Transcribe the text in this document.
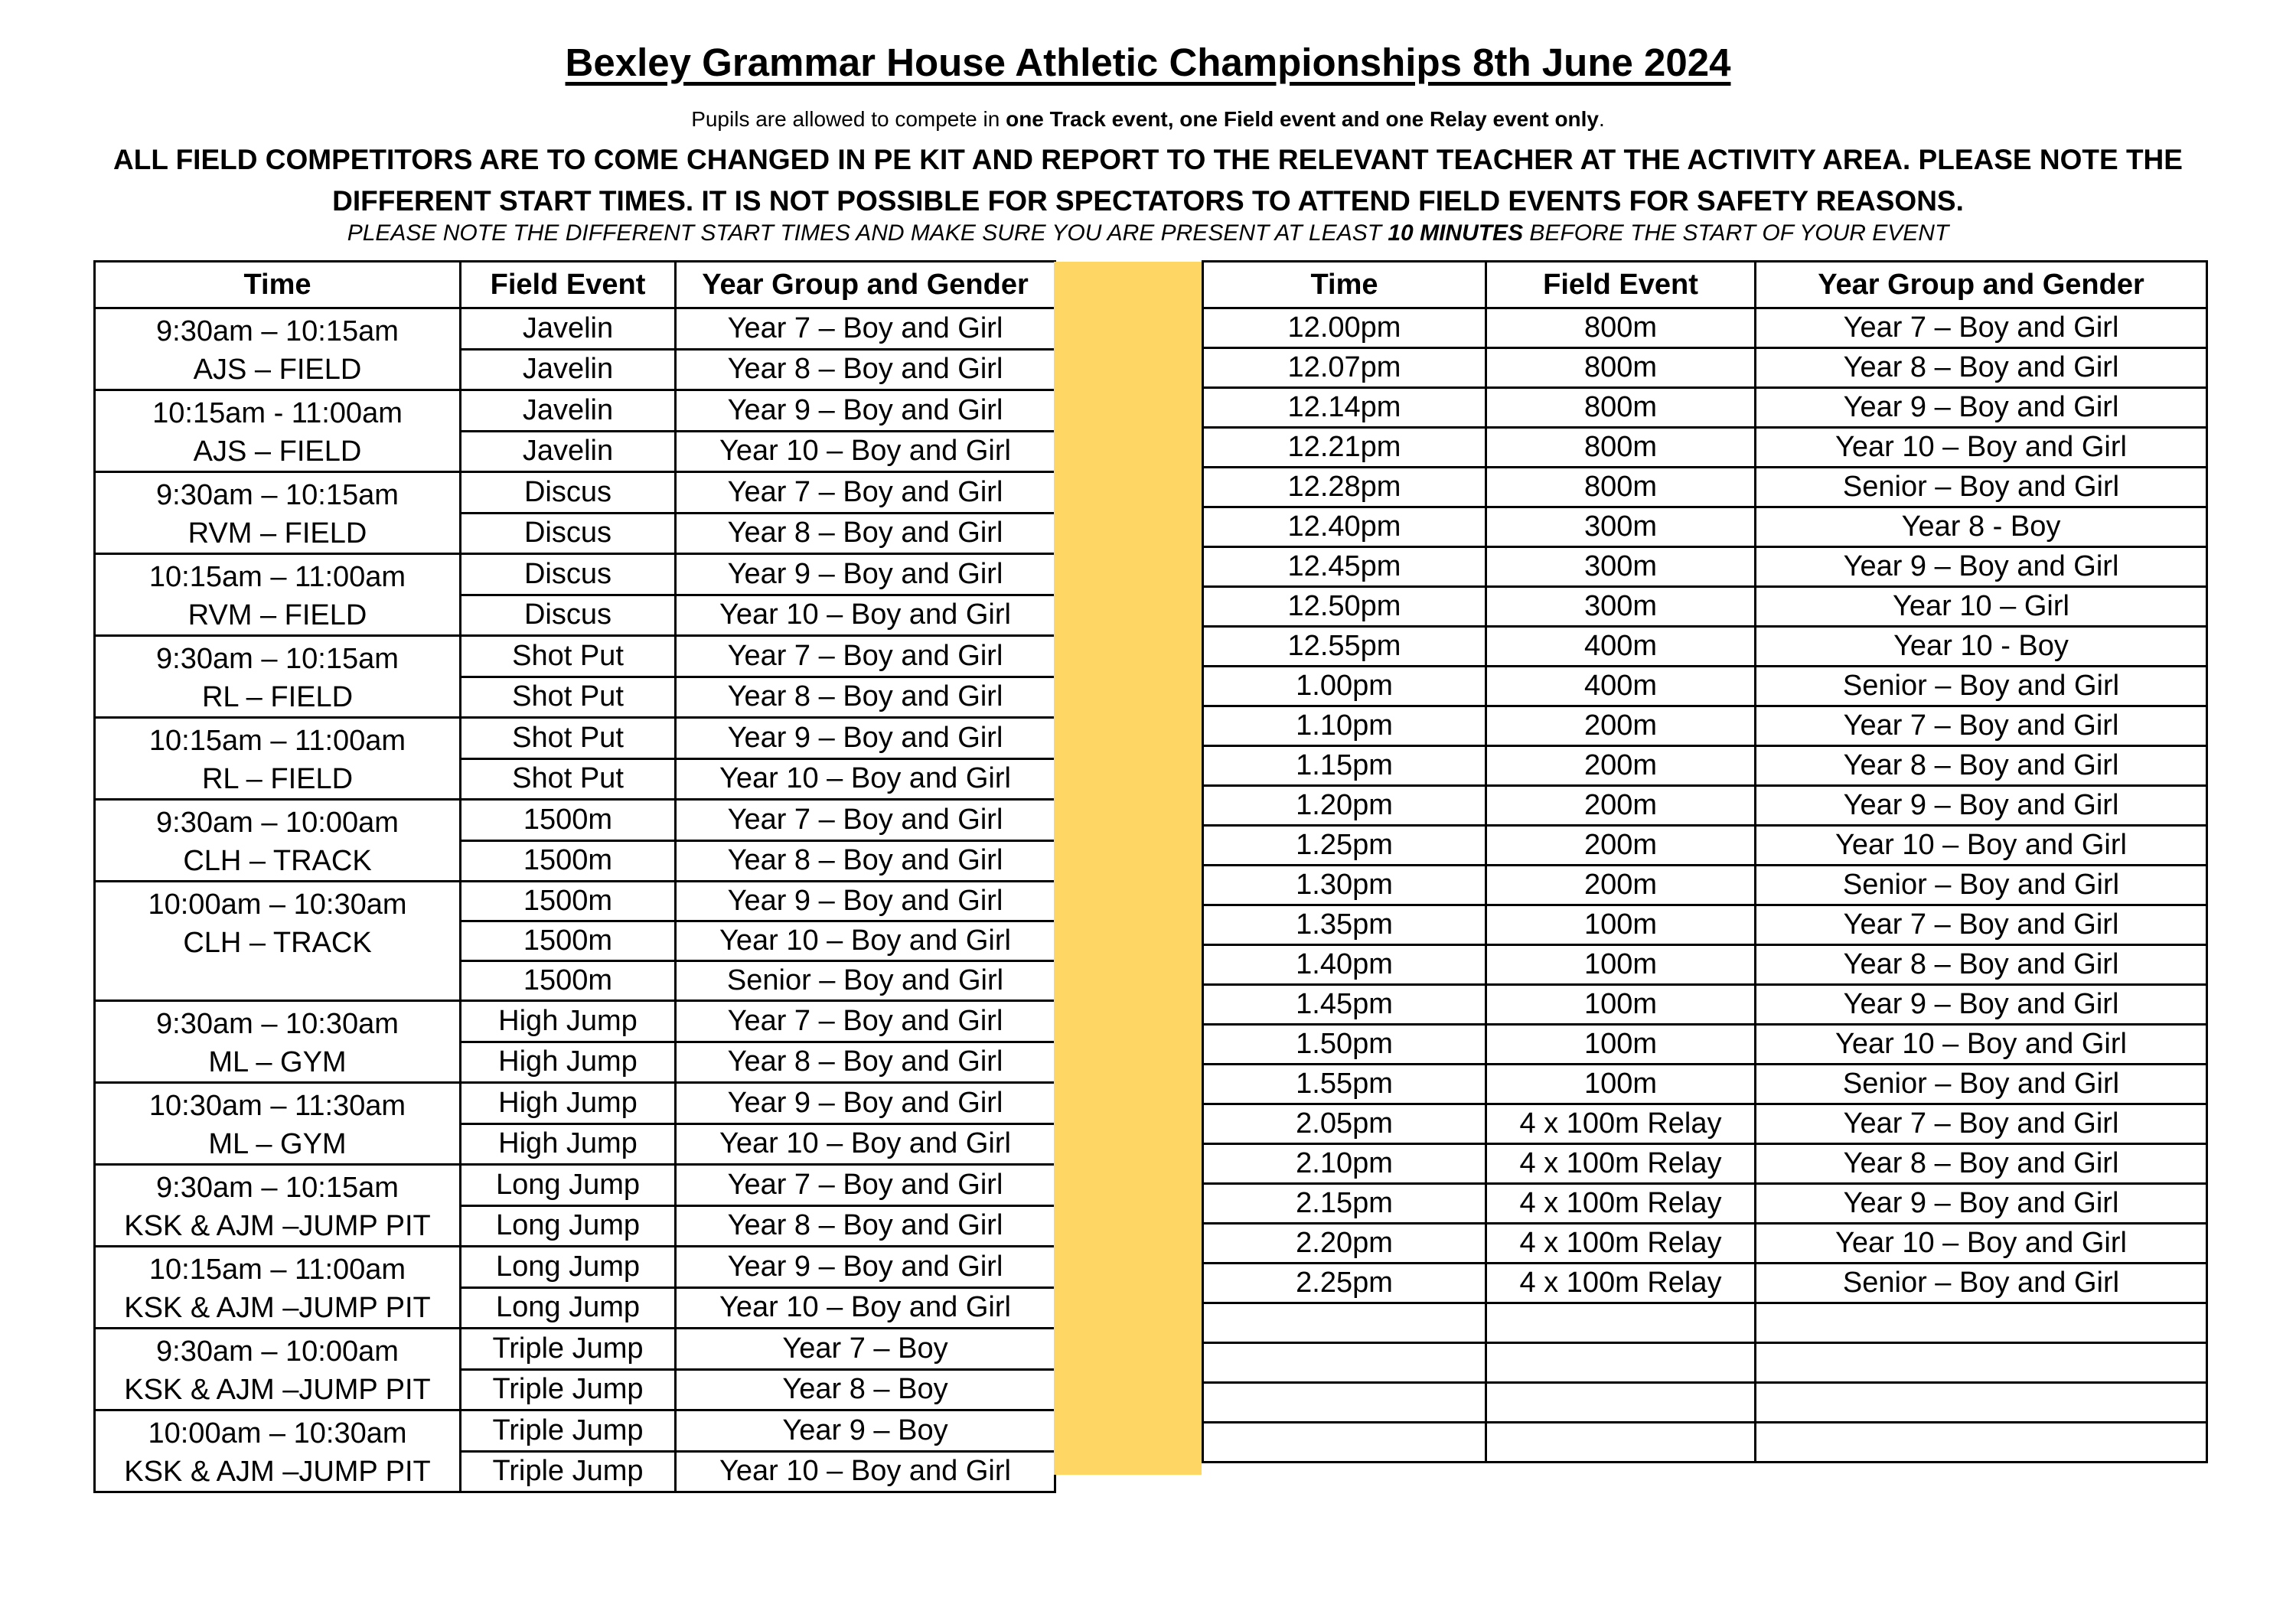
Bexley Grammar House Athletic Championships 8th June 2024
Pupils are allowed to compete in one Track event, one Field event and one Relay event only.
ALL FIELD COMPETITORS ARE TO COME CHANGED IN PE KIT AND REPORT TO THE RELEVANT TEACHER AT THE ACTIVITY AREA. PLEASE NOTE THE DIFFERENT START TIMES. IT IS NOT POSSIBLE FOR SPECTATORS TO ATTEND FIELD EVENTS FOR SAFETY REASONS.
PLEASE NOTE THE DIFFERENT START TIMES AND MAKE SURE YOU ARE PRESENT AT LEAST 10 MINUTES BEFORE THE START OF YOUR EVENT
Time	Field Event	Year Group and Gender

9:30am – 10:15am
AJS – FIELD	Javelin	Year 7 – Boy and Girl
	Javelin	Year 8 – Boy and Girl

10:15am - 11:00am
AJS – FIELD	Javelin	Year 9 – Boy and Girl
	Javelin	Year 10 – Boy and Girl

9:30am – 10:15am
RVM – FIELD	Discus	Year 7 – Boy and Girl
	Discus	Year 8 – Boy and Girl

10:15am – 11:00am
RVM – FIELD	Discus	Year 9 – Boy and Girl
	Discus	Year 10 – Boy and Girl

9:30am – 10:15am
RL – FIELD	Shot Put	Year 7 – Boy and Girl
	Shot Put	Year 8 – Boy and Girl

10:15am – 11:00am
RL – FIELD	Shot Put	Year 9 – Boy and Girl
	Shot Put	Year 10 – Boy and Girl

9:30am – 10:00am
CLH – TRACK	1500m	Year 7 – Boy and Girl
	1500m	Year 8 – Boy and Girl

10:00am – 10:30am
CLH – TRACK	1500m	Year 9 – Boy and Girl
	1500m	Year 10 – Boy and Girl
	1500m	Senior – Boy and Girl

9:30am – 10:30am
ML – GYM	High Jump	Year 7 – Boy and Girl
	High Jump	Year 8 – Boy and Girl

10:30am – 11:30am
ML – GYM	High Jump	Year 9 – Boy and Girl
	High Jump	Year 10 – Boy and Girl

9:30am – 10:15am
KSK & AJM –JUMP PIT	Long Jump	Year 7 – Boy and Girl
	Long Jump	Year 8 – Boy and Girl

10:15am – 11:00am
KSK & AJM –JUMP PIT	Long Jump	Year 9 – Boy and Girl
	Long Jump	Year 10 – Boy and Girl

9:30am – 10:00am
KSK & AJM –JUMP PIT	Triple Jump	Year 7 – Boy
	Triple Jump	Year 8 – Boy

10:00am – 10:30am
KSK & AJM –JUMP PIT	Triple Jump	Year 9 – Boy
	Triple Jump	Year 10 – Boy and Girl
Time	Field Event	Year Group and Gender
12.00pm	800m	Year 7 – Boy and Girl
12.07pm	800m	Year 8 – Boy and Girl
12.14pm	800m	Year 9 – Boy and Girl
12.21pm	800m	Year 10 – Boy and Girl
12.28pm	800m	Senior – Boy and Girl
12.40pm	300m	Year 8 - Boy
12.45pm	300m	Year 9 – Boy and Girl
12.50pm	300m	Year 10 – Girl
12.55pm	400m	Year 10 - Boy
1.00pm	400m	Senior – Boy and Girl
1.10pm	200m	Year 7 – Boy and Girl
1.15pm	200m	Year 8 – Boy and Girl
1.20pm	200m	Year 9 – Boy and Girl
1.25pm	200m	Year 10 – Boy and Girl
1.30pm	200m	Senior – Boy and Girl
1.35pm	100m	Year 7 – Boy and Girl
1.40pm	100m	Year 8 – Boy and Girl
1.45pm	100m	Year 9 – Boy and Girl
1.50pm	100m	Year 10 – Boy and Girl
1.55pm	100m	Senior – Boy and Girl
2.05pm	4 x 100m Relay	Year 7 – Boy and Girl
2.10pm	4 x 100m Relay	Year 8 – Boy and Girl
2.15pm	4 x 100m Relay	Year 9 – Boy and Girl
2.20pm	4 x 100m Relay	Year 10 – Boy and Girl
2.25pm	4 x 100m Relay	Senior – Boy and Girl
